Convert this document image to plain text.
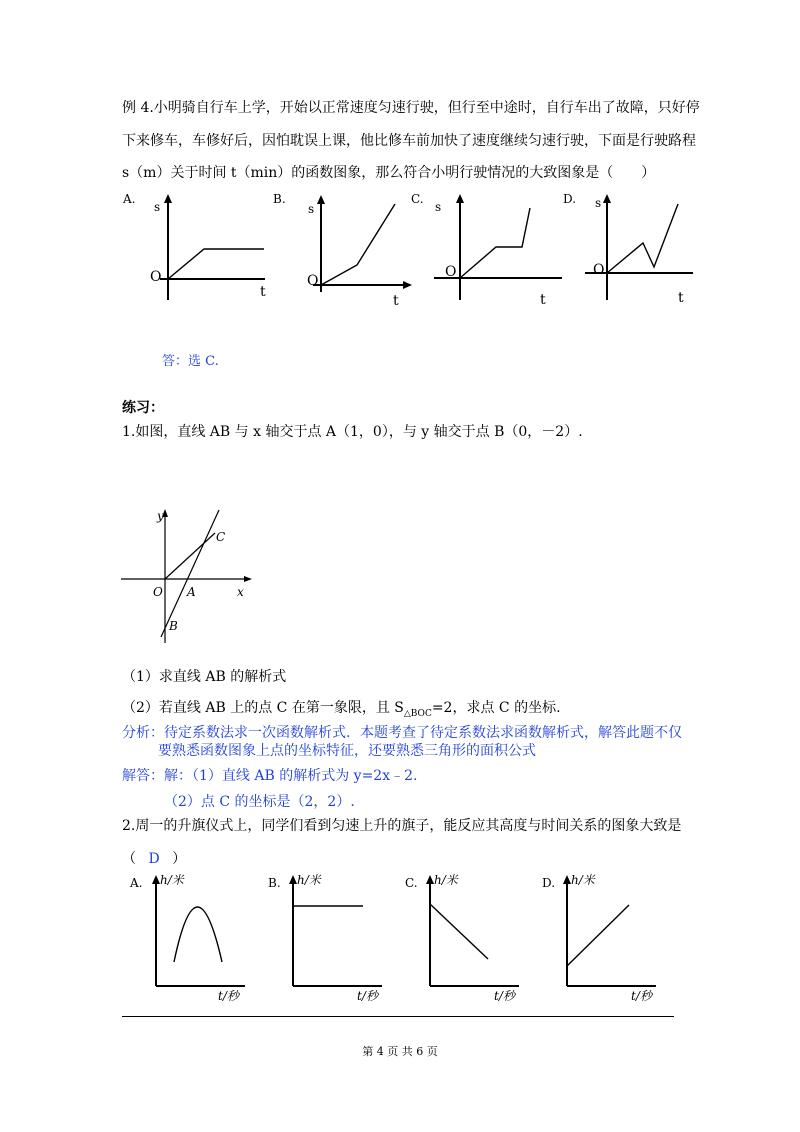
例 4.小明骑自行车上学，开始以正常速度匀速行驶，但行至中途时，自行车出了故障，只好停
下来修车，车修好后，因怕耽误上课，他比修车前加快了速度继续匀速行驶，下面是行驶路程
s（m）关于时间 t（min）的函数图象，那么符合小明行驶情况的大致图象是（　　）
A.
s
O
t
B.
s
O
t
C.
s
O
t
D. s
O
t
答：选 C.
练习：
1.如图，直线 AB 与 x 轴交于点 A（1，0），与 y 轴交于点 B（0，－2）.
y
x
O A
B
C
（1）求直线 AB 的解析式
（2）若直线 AB 上的点 C 在第一象限，且 $S_{\triangle BOC}=2$，求点 C 的坐标.
分析：待定系数法求一次函数解析式．本题考查了待定系数法求函数解析式，解答此题不仅
要熟悉函数图象上点的坐标特征，还要熟悉三角形的面积公式
解答：解：（1）直线 AB 的解析式为 y=2x﹣2.
（2）点 C 的坐标是（2，2）.
2.周一的升旗仪式上，同学们看到匀速上升的旗子，能反应其高度与时间关系的图象大致是
（ D ）
A. h/米
t/秒
B. h/米
t/秒
C. h/米
t/秒
D. h/米
t/秒
第 4 页 共 6 页
